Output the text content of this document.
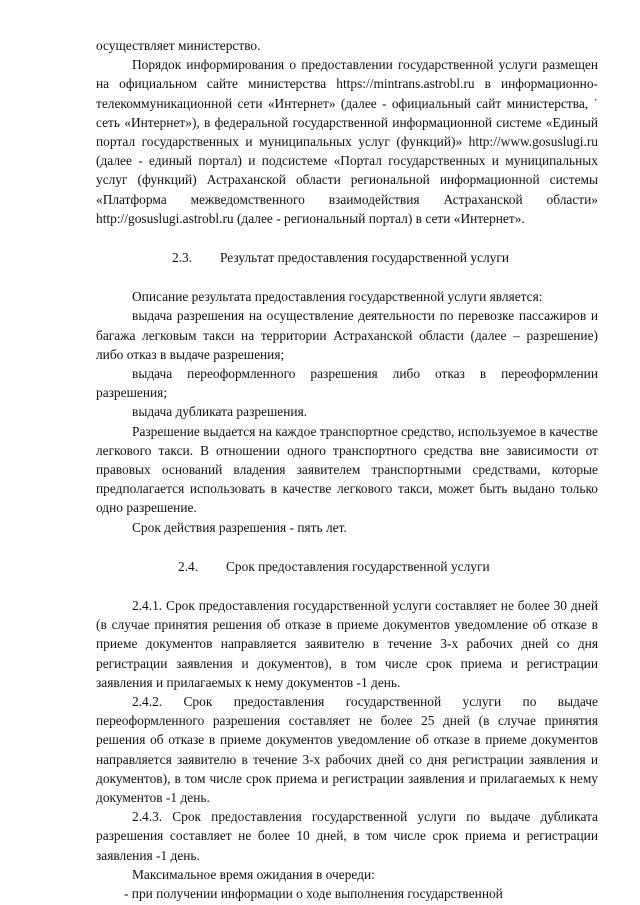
осуществляет министерство.

Порядок информирования о предоставлении государственной услуги размещен на официальном сайте министерства https://mintrans.astrobl.ru в информационно-телекоммуникационной сети «Интернет» (далее - официальный сайт министерства, ˙ сеть «Интернет»), в федеральной государственной информационной системе «Единый портал государственных и муниципальных услуг (функций)» http://www.gosuslugi.ru (далее - единый портал) и подсистеме «Портал государственных и муниципальных услуг (функций) Астраханской области региональной информационной системы «Платформа межведомственного взаимодействия Астраханской области» http://gosuslugi.astrobl.ru (далее - региональный портал) в сети «Интернет».

2.3. Результат предоставления государственной услуги

Описание результата предоставления государственной услуги является:

выдача разрешения на осуществление деятельности по перевозке пассажиров и багажа легковым такси на территории Астраханской области (далее – разрешение) либо отказ в выдаче разрешения;

выдача переоформленного разрешения либо отказ в переоформлении разрешения;

выдача дубликата разрешения.

Разрешение выдается на каждое транспортное средство, используемое в качестве легкового такси. В отношении одного транспортного средства вне зависимости от правовых оснований владения заявителем транспортными средствами, которые предполагается использовать в качестве легкового такси, может быть выдано только одно разрешение.

Срок действия разрешения - пять лет.

2.4. Срок предоставления государственной услуги

2.4.1. Срок предоставления государственной услуги составляет не более 30 дней (в случае принятия решения об отказе в приеме документов уведомление об отказе в приеме документов направляется заявителю в течение 3-х рабочих дней со дня регистрации заявления и документов), в том числе срок приема и регистрации заявления и прилагаемых к нему документов -1 день.

2.4.2. Срок предоставления государственной услуги по выдаче переоформленного разрешения составляет не более 25 дней (в случае принятия решения об отказе в приеме документов уведомление об отказе в приеме документов направляется заявителю в течение 3-х рабочих дней со дня регистрации заявления и документов), в том числе срок приема и регистрации заявления и прилагаемых к нему документов -1 день.

2.4.3. Срок предоставления государственной услуги по выдаче дубликата разрешения составляет не более 10 дней, в том числе срок приема и регистрации заявления -1 день.

Максимальное время ожидания в очереди:

- при получении информации о ходе выполнения государственной
